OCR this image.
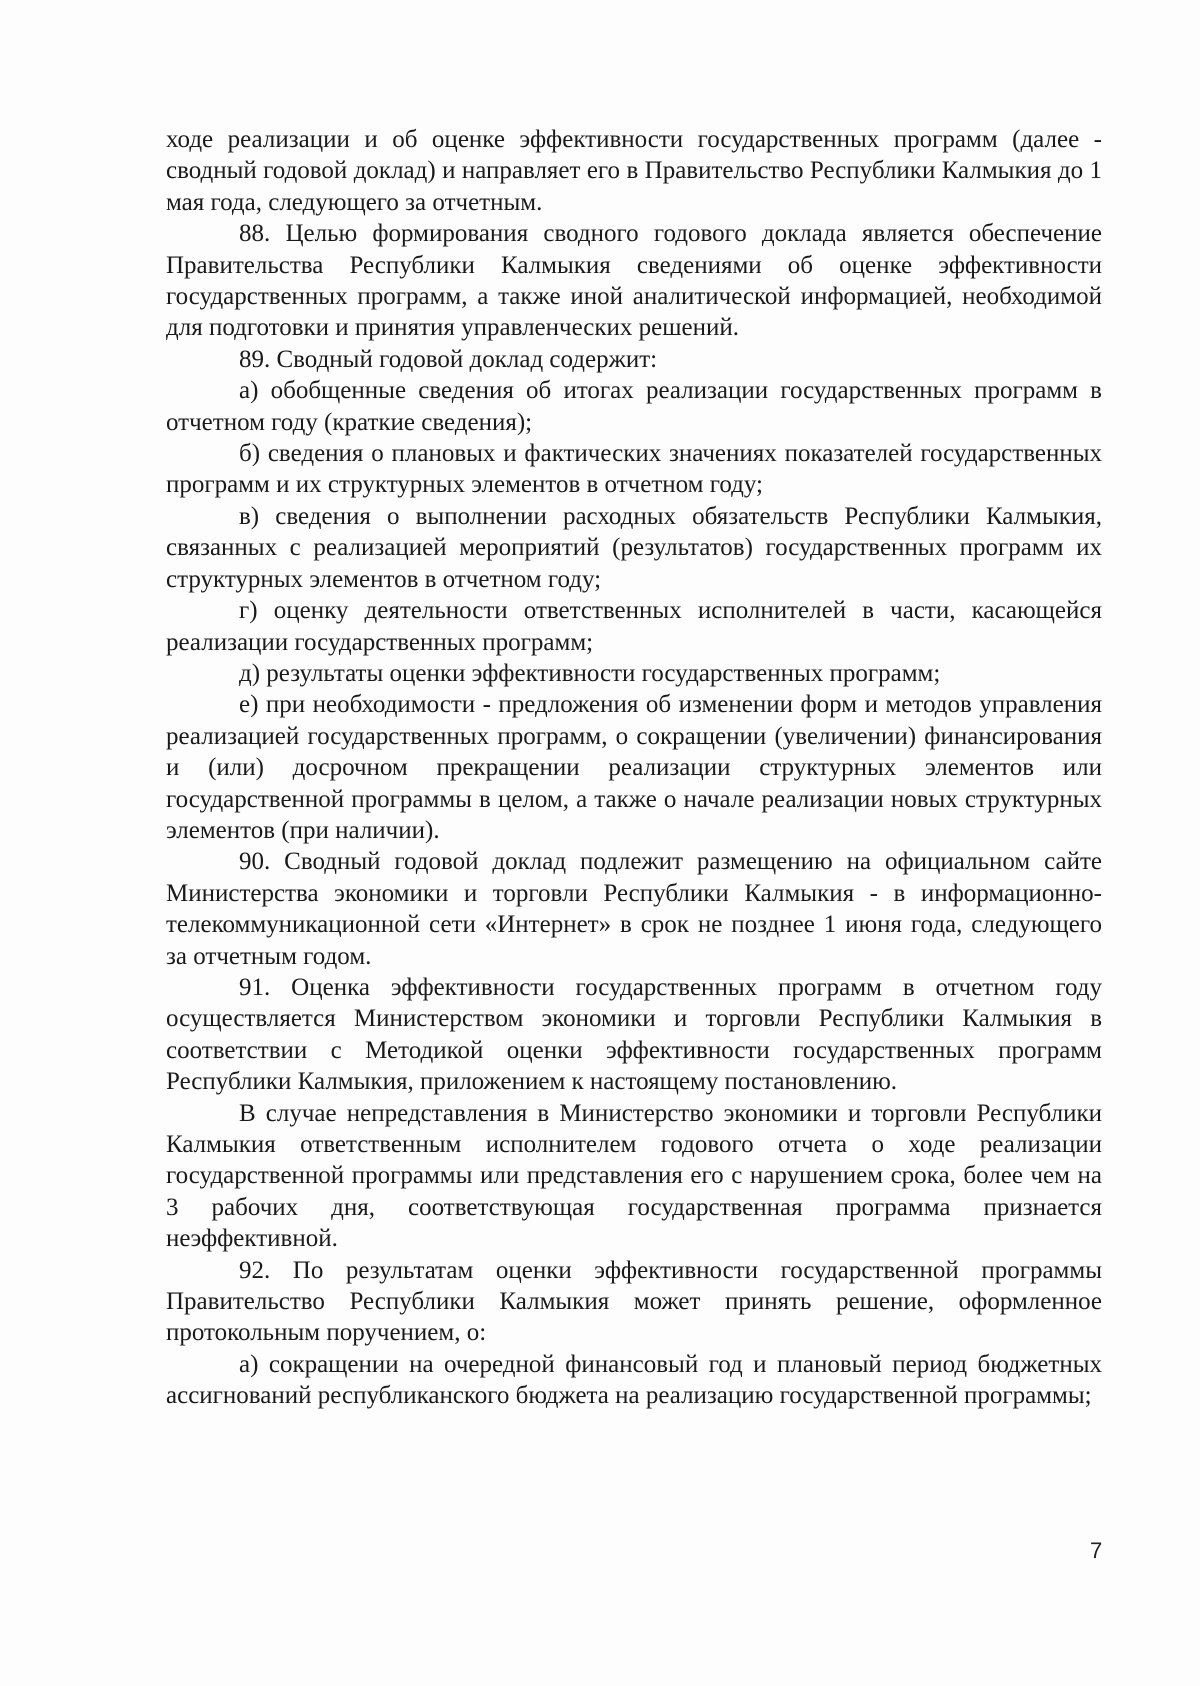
ходе реализации и об оценке эффективности государственных программ (далее - сводный годовой доклад) и направляет его в Правительство Республики Калмыкия до 1 мая года, следующего за отчетным.

88. Целью формирования сводного годового доклада является обеспечение Правительства Республики Калмыкия сведениями об оценке эффективности государственных программ, а также иной аналитической информацией, необходимой для подготовки и принятия управленческих решений.

89. Сводный годовой доклад содержит:

а) обобщенные сведения об итогах реализации государственных программ в отчетном году (краткие сведения);

б) сведения о плановых и фактических значениях показателей государственных программ и их структурных элементов в отчетном году;

в) сведения о выполнении расходных обязательств Республики Калмыкия, связанных с реализацией мероприятий (результатов) государственных программ их структурных элементов в отчетном году;

г) оценку деятельности ответственных исполнителей в части, касающейся реализации государственных программ;

д) результаты оценки эффективности государственных программ;

е) при необходимости - предложения об изменении форм и методов управления реализацией государственных программ, о сокращении (увеличении) финансирования и (или) досрочном прекращении реализации структурных элементов или государственной программы в целом, а также о начале реализации новых структурных элементов (при наличии).

90. Сводный годовой доклад подлежит размещению на официальном сайте Министерства экономики и торговли Республики Калмыкия - в информационно-телекоммуникационной сети «Интернет» в срок не позднее 1 июня года, следующего за отчетным годом.

91. Оценка эффективности государственных программ в отчетном году осуществляется Министерством экономики и торговли Республики Калмыкия в соответствии с Методикой оценки эффективности государственных программ Республики Калмыкия, приложением к настоящему постановлению.

В случае непредставления в Министерство экономики и торговли Республики Калмыкия ответственным исполнителем годового отчета о ходе реализации государственной программы или представления его с нарушением срока, более чем на 3 рабочих дня, соответствующая государственная программа признается неэффективной.

92. По результатам оценки эффективности государственной программы Правительство Республики Калмыкия может принять решение, оформленное протокольным поручением, о:

а) сокращении на очередной финансовый год и плановый период бюджетных ассигнований республиканского бюджета на реализацию государственной программы;

7
